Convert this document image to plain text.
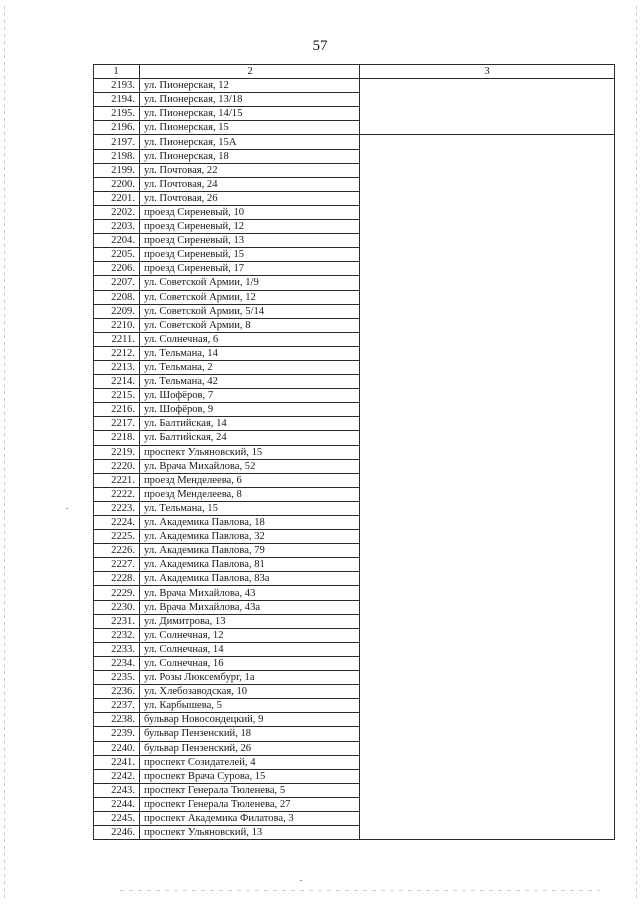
57
1	2	3
2193.	ул. Пионерская, 12	
2194.	ул. Пионерская, 13/18	
2195.	ул. Пионерская, 14/15	
2196.	ул. Пионерская, 15	
2197.	ул. Пионерская, 15А	
2198.	ул. Пионерская, 18	
2199.	ул. Почтовая, 22	
2200.	ул. Почтовая, 24	
2201.	ул. Почтовая, 26	
2202.	проезд Сиреневый, 10	
2203.	проезд Сиреневый, 12	
2204.	проезд Сиреневый, 13	
2205.	проезд Сиреневый, 15	
2206.	проезд Сиреневый, 17	
2207.	ул. Советской Армии, 1/9	
2208.	ул. Советской Армии, 12	
2209.	ул. Советской Армии, 5/14	
2210.	ул. Советской Армии, 8	
2211.	ул. Солнечная, 6	
2212.	ул. Тельмана, 14	
2213.	ул. Тельмана, 2	
2214.	ул. Тельмана, 42	
2215.	ул. Шофёров, 7	
2216.	ул. Шофёров, 9	
2217.	ул. Балтийская, 14	
2218.	ул. Балтийская, 24	
2219.	проспект Ульяновский, 15	
2220.	ул. Врача Михайлова, 52	
2221.	проезд Менделеева, 6	
2222.	проезд Менделеева, 8	
2223.	ул. Тельмана, 15	
2224.	ул. Академика Павлова, 18	
2225.	ул. Академика Павлова, 32	
2226.	ул. Академика Павлова, 79	
2227.	ул. Академика Павлова, 81	
2228.	ул. Академика Павлова, 83а	
2229.	ул. Врача Михайлова, 43	
2230.	ул. Врача Михайлова, 43а	
2231.	ул. Димитрова, 13	
2232.	ул. Солнечная, 12	
2233.	ул. Солнечная, 14	
2234.	ул. Солнечная, 16	
2235.	ул. Розы Люксембург, 1а	
2236.	ул. Хлебозаводская, 10	
2237.	ул. Карбышева, 5	
2238.	бульвар Новосондецкий, 9	
2239.	бульвар Пензенский, 18	
2240.	бульвар Пензенский, 26	
2241.	проспект Созидателей, 4	
2242.	проспект Врача Сурова, 15	
2243.	проспект Генерала Тюленева, 5	
2244.	проспект Генерала Тюленева, 27	
2245.	проспект Академика Филатова, 3	
2246.	проспект Ульяновский, 13	
